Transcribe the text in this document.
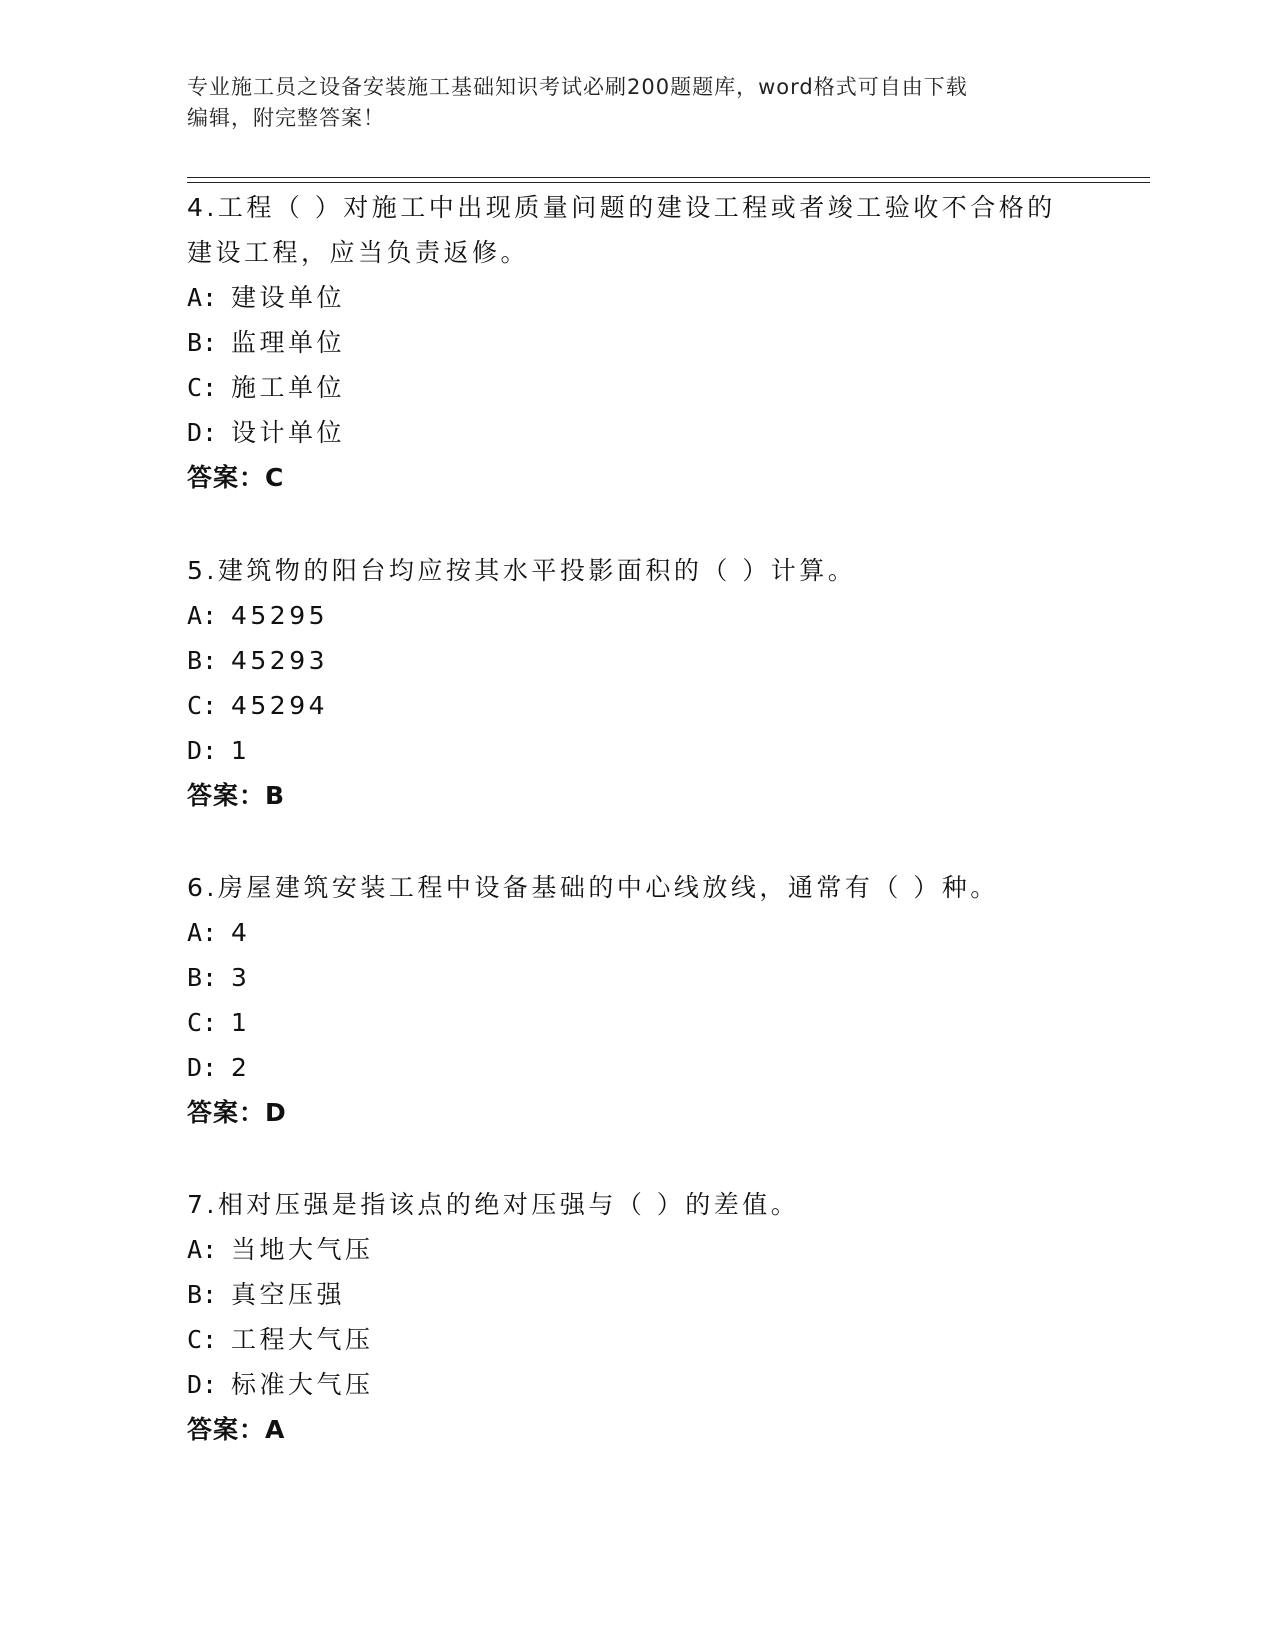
专业施工员之设备安装施工基础知识考试必刷200题题库，word格式可自由下载
编辑，附完整答案！
4.工程（ ）对施工中出现质量问题的建设工程或者竣工验收不合格的
建设工程，应当负责返修。
A: 建设单位
B: 监理单位
C: 施工单位
D: 设计单位
答案：C
5.建筑物的阳台均应按其水平投影面积的（ ）计算。
A: 45295
B: 45293
C: 45294
D: 1
答案：B
6.房屋建筑安装工程中设备基础的中心线放线，通常有（ ）种。
A: 4
B: 3
C: 1
D: 2
答案：D
7.相对压强是指该点的绝对压强与（ ）的差值。
A: 当地大气压
B: 真空压强
C: 工程大气压
D: 标准大气压
答案：A
